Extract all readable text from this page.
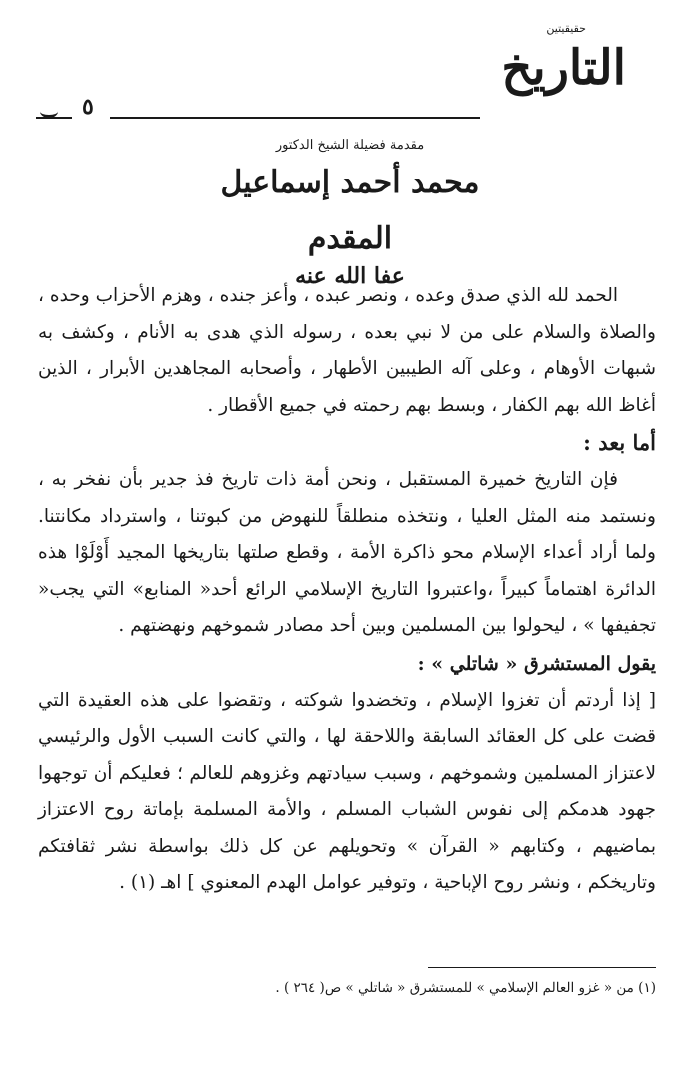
٥
حقيقيتين
التاريخ
مقدمة فضيلة الشيخ الدكتور
محمد أحمد إسماعيل المقدم
عفا الله عنه

الحمد لله الذي صدق وعده ، ونصر عبده ، وأعز جنده ، وهزم الأحزاب وحده ، والصلاة والسلام على من لا نبي بعده ، رسوله الذي هدى به الأنام ، وكشف به شبهات الأوهام ، وعلى آله الطيبين الأطهار ، وأصحابه المجاهدين الأبرار ، الذين أغاظ الله بهم الكفار ، وبسط بهم رحمته في جميع الأقطار .

أما بعد :

فإن التاريخ خميرة المستقبل ، ونحن أمة ذات تاريخ فذ جدير بأن نفخر به ، ونستمد منه المثل العليا ، ونتخذه منطلقاً للنهوض من كبوتنا ، واسترداد مكانتنا. ولما أراد أعداء الإسلام محو ذاكرة الأمة ، وقطع صلتها بتاريخها المجيد أَوْلَوْا هذه الدائرة اهتماماً كبيراً ،واعتبروا التاريخ الإسلامي الرائع أحد« المنابع» التي يجب« تجفيفها » ، ليحولوا بين المسلمين وبين أحد مصادر شموخهم ونهضتهم .

يقول المستشرق « شاتلي » :

[ إذا أردتم أن تغزوا الإسلام ، وتخضدوا شوكته ، وتقضوا على هذه العقيدة التي قضت على كل العقائد السابقة واللاحقة لها ، والتي كانت السبب الأول والرئيسي لاعتزاز المسلمين وشموخهم ، وسبب سيادتهم وغزوهم للعالم ؛ فعليكم أن توجهوا جهود هدمكم إلى نفوس الشباب المسلم ، والأمة المسلمة بإماتة روح الاعتزاز بماضيهم ، وكتابهم « القرآن » وتحويلهم عن كل ذلك بواسطة نشر ثقافتكم وتاريخكم ، ونشر روح الإباحية ، وتوفير عوامل الهدم المعنوي ] اهـ (١) .

(١) من « غزو العالم الإسلامي » للمستشرق « شاتلي » ص( ٢٦٤ ) .
